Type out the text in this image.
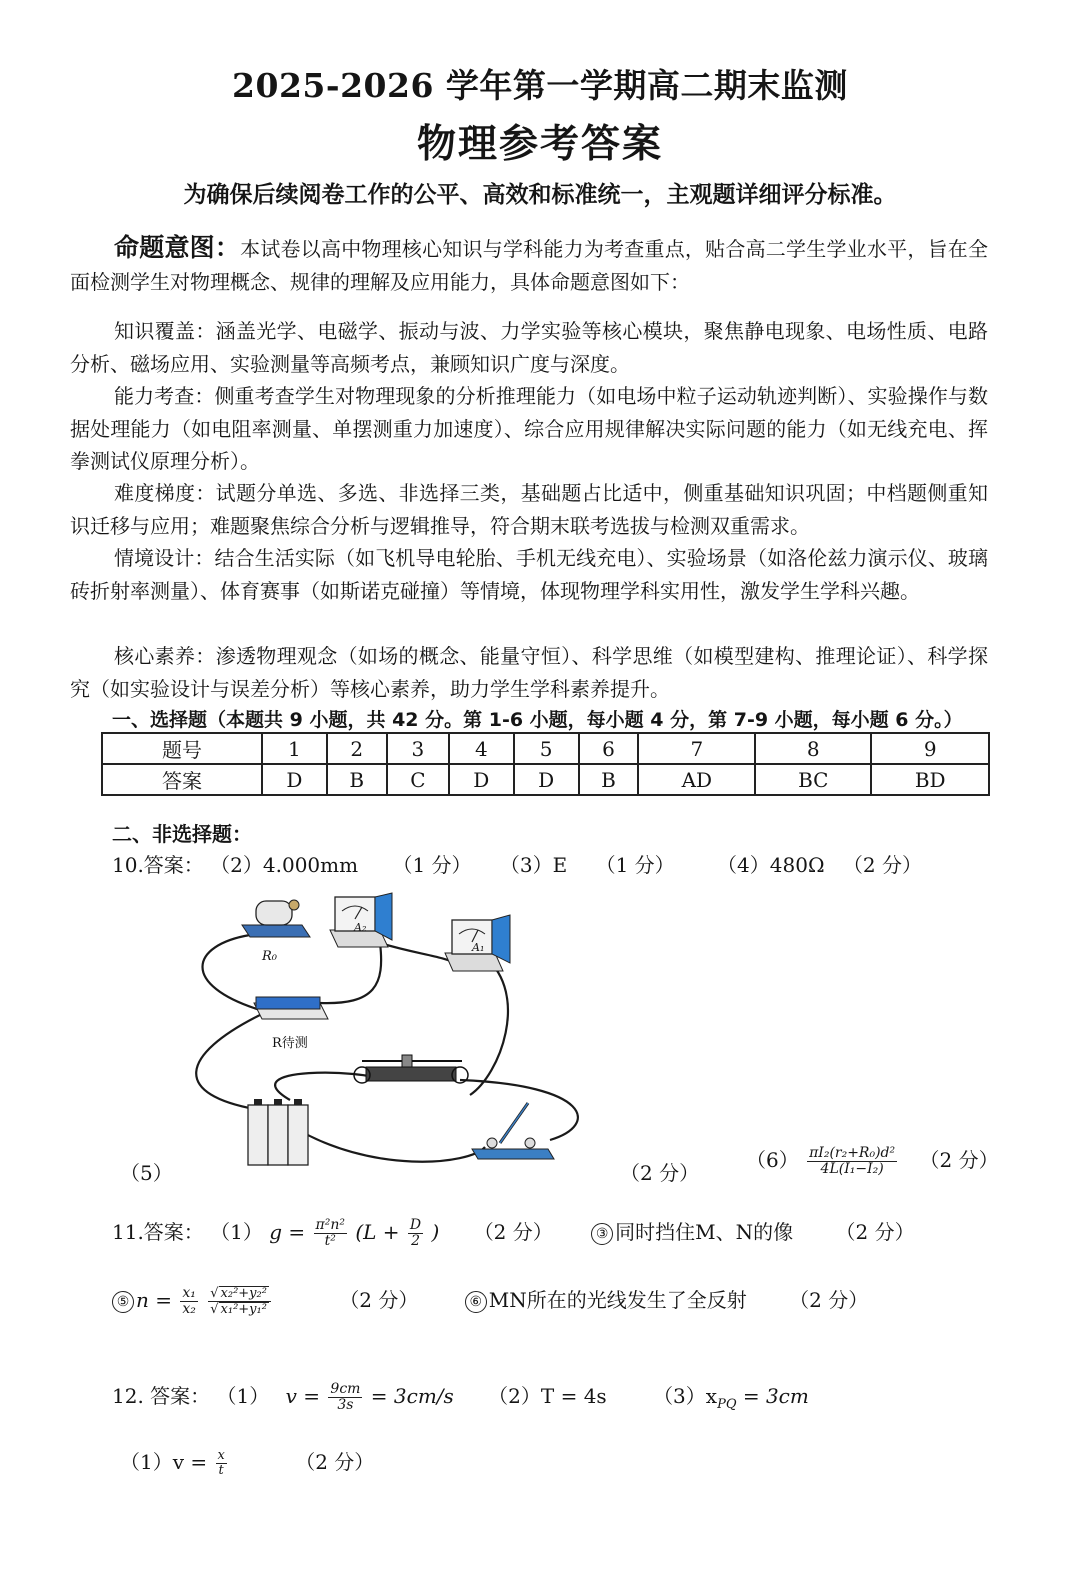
2025-2026 学年第一学期高二期末监测
物理参考答案
为确保后续阅卷工作的公平、高效和标准统一，主观题详细评分标准。
命题意图：本试卷以高中物理核心知识与学科能力为考查重点，贴合高二学生学业水平，旨在全面检测学生对物理概念、规律的理解及应用能力，具体命题意图如下：
知识覆盖：涵盖光学、电磁学、振动与波、力学实验等核心模块，聚焦静电现象、电场性质、电路分析、磁场应用、实验测量等高频考点，兼顾知识广度与深度。
能力考查：侧重考查学生对物理现象的分析推理能力（如电场中粒子运动轨迹判断）、实验操作与数据处理能力（如电阻率测量、单摆测重力加速度）、综合应用规律解决实际问题的能力（如无线充电、挥拳测试仪原理分析）。
难度梯度：试题分单选、多选、非选择三类，基础题占比适中，侧重基础知识巩固；中档题侧重知识迁移与应用；难题聚焦综合分析与逻辑推导，符合期末联考选拔与检测双重需求。
情境设计：结合生活实际（如飞机导电轮胎、手机无线充电）、实验场景（如洛伦兹力演示仪、玻璃砖折射率测量）、体育赛事（如斯诺克碰撞）等情境，体现物理学科实用性，激发学生学科兴趣。
核心素养：渗透物理观念（如场的概念、能量守恒）、科学思维（如模型建构、推理论证）、科学探究（如实验设计与误差分析）等核心素养，助力学生学科素养提升。
一、选择题（本题共 9 小题，共 42 分。第 1-6 小题，每小题 4 分，第 7-9 小题，每小题 6 分。）
题号	1	2	3	4	5	6	7	8	9
答案	D	B	C	D	D	B	AD	BC	BD
二、非选择题：
10.答案： （2）4.000mm （1 分） （3）E （1 分） （4）480Ω （2 分）
R₀
A₂
A₁
R待测
（5）	（2 分）
$(6) \frac{\text{πI₂(r₂+R₀)d²}}{\text{4L(I₁−I₂)}} (2$ 分）
11.答案： （1） $g = \frac{\text{π²n²}}{\text{t²}} (L + \frac{D}{2}$ ) （2 分）	③ 同时挡住M、N的像 （2 分）
⑤ $n = \frac{\text{x₁}}{\text{x₂}}$
$\frac{\text{√ x₂²+y₂²}}{\text{√ x₁²+y₁²}}$	（2 分）	⑥ MN所在的光线发生了全反射 （2 分）
12. 答案： （1） $v = \frac{9cm}{3s} = 3cm/s$ （2）T = 4s $(3)x_{PQ} = 3cm$
$(1)v = \frac{x}{t}$	（2 分）
